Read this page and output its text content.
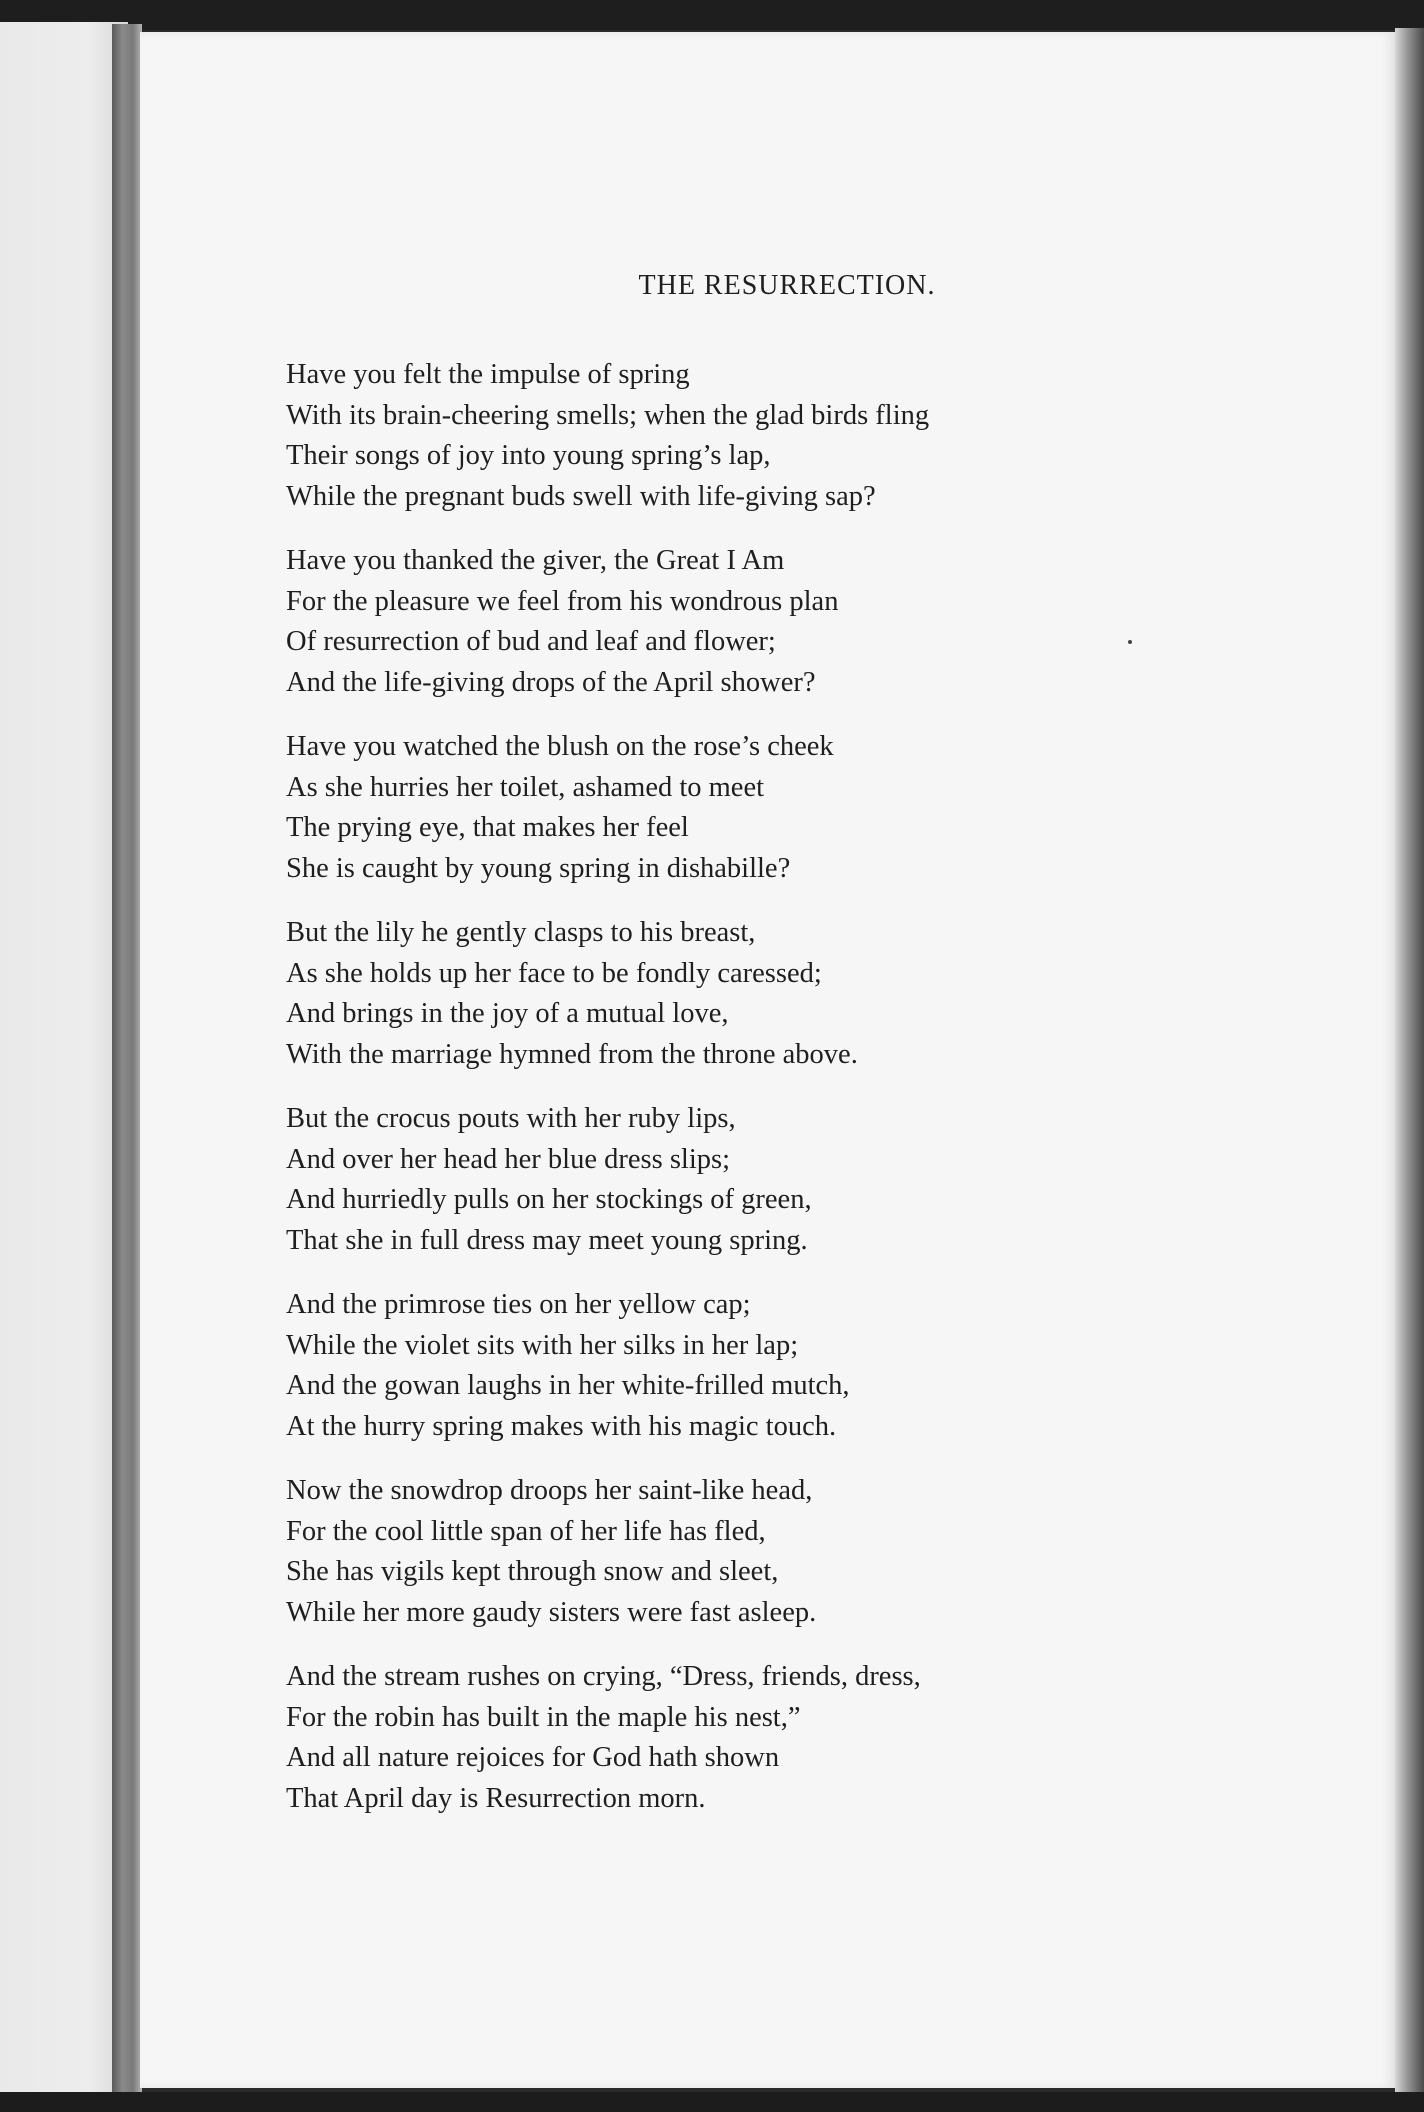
THE RESURRECTION.
Have you felt the impulse of spring
With its brain-cheering smells; when the glad birds fling
Their songs of joy into young spring’s lap,
While the pregnant buds swell with life-giving sap?
Have you thanked the giver, the Great I Am
For the pleasure we feel from his wondrous plan
Of resurrection of bud and leaf and flower;
And the life-giving drops of the April shower?
Have you watched the blush on the rose’s cheek
As she hurries her toilet, ashamed to meet
The prying eye, that makes her feel
She is caught by young spring in dishabille?
But the lily he gently clasps to his breast,
As she holds up her face to be fondly caressed;
And brings in the joy of a mutual love,
With the marriage hymned from the throne above.
But the crocus pouts with her ruby lips,
And over her head her blue dress slips;
And hurriedly pulls on her stockings of green,
That she in full dress may meet young spring.
And the primrose ties on her yellow cap;
While the violet sits with her silks in her lap;
And the gowan laughs in her white-frilled mutch,
At the hurry spring makes with his magic touch.
Now the snowdrop droops her saint-like head,
For the cool little span of her life has fled,
She has vigils kept through snow and sleet,
While her more gaudy sisters were fast asleep.
And the stream rushes on crying, “Dress, friends, dress,
For the robin has built in the maple his nest,”
And all nature rejoices for God hath shown
That April day is Resurrection morn.
